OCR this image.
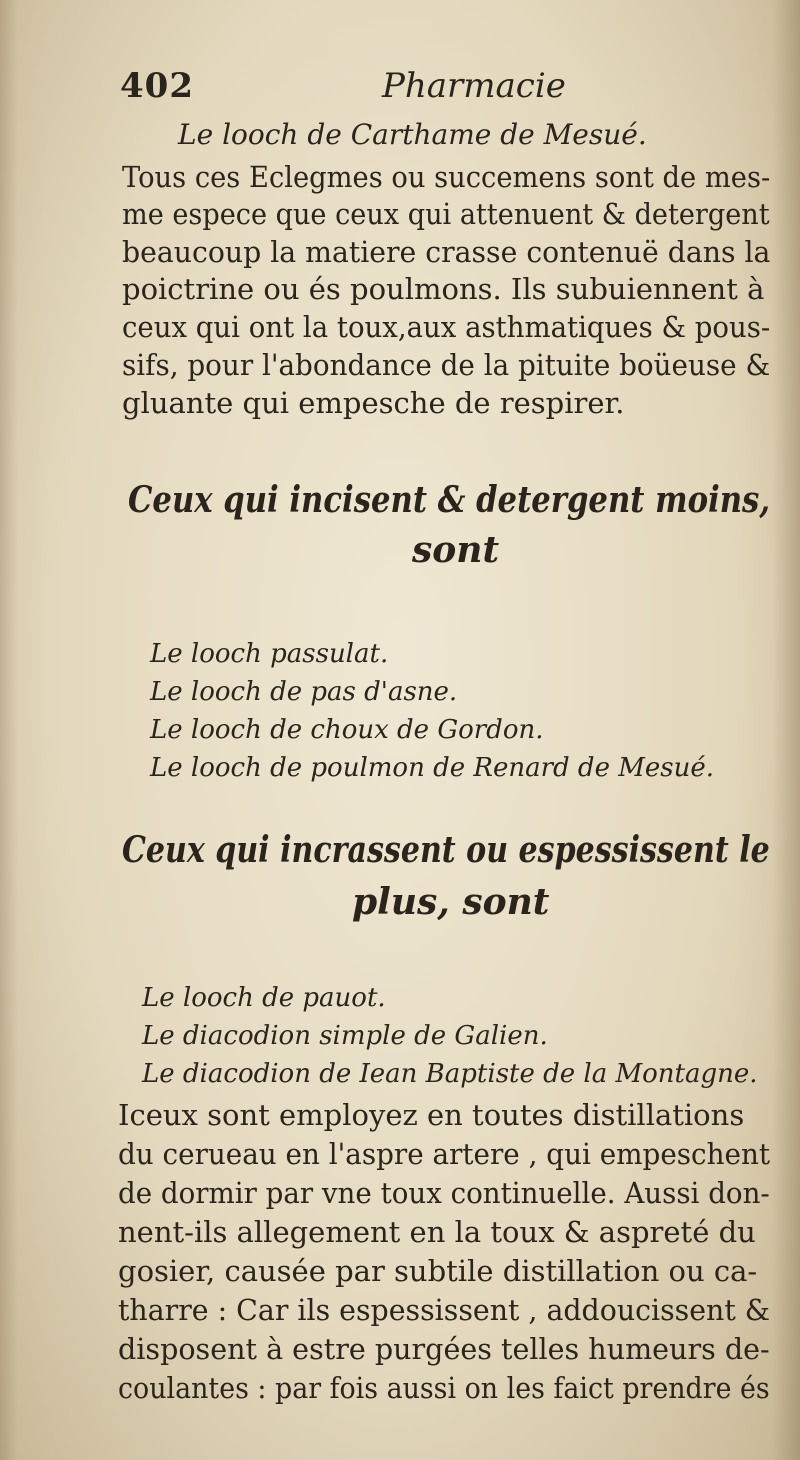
402	Pharmacie
Le looch de Carthame de Mesué.
Tous ces Eclegmes ou succemens sont de mes-
me espece que ceux qui attenuent & detergent
beaucoup la matiere crasse contenuë dans la
poictrine ou és poulmons. Ils subuiennent à
ceux qui ont la toux,aux asthmatiques & pous-
sifs, pour l'abondance de la pituite boüeuse &
gluante qui empesche de respirer.
Ceux qui incisent & detergent moins,
sont
Le looch passulat.
Le looch de pas d'asne.
Le looch de choux de Gordon.
Le looch de poulmon de Renard de Mesué.
Ceux qui incrassent ou espessissent le
plus, sont
Le looch de pauot.
Le diacodion simple de Galien.
Le diacodion de Iean Baptiste de la Montagne.
Iceux sont employez en toutes distillations
du cerueau en l'aspre artere , qui empeschent
de dormir par vne toux continuelle. Aussi don-
nent-ils allegement en la toux & aspreté du
gosier, causée par subtile distillation ou ca-
tharre : Car ils espessissent , addoucissent &
disposent à estre purgées telles humeurs de-
coulantes : par fois aussi on les faict prendre és
